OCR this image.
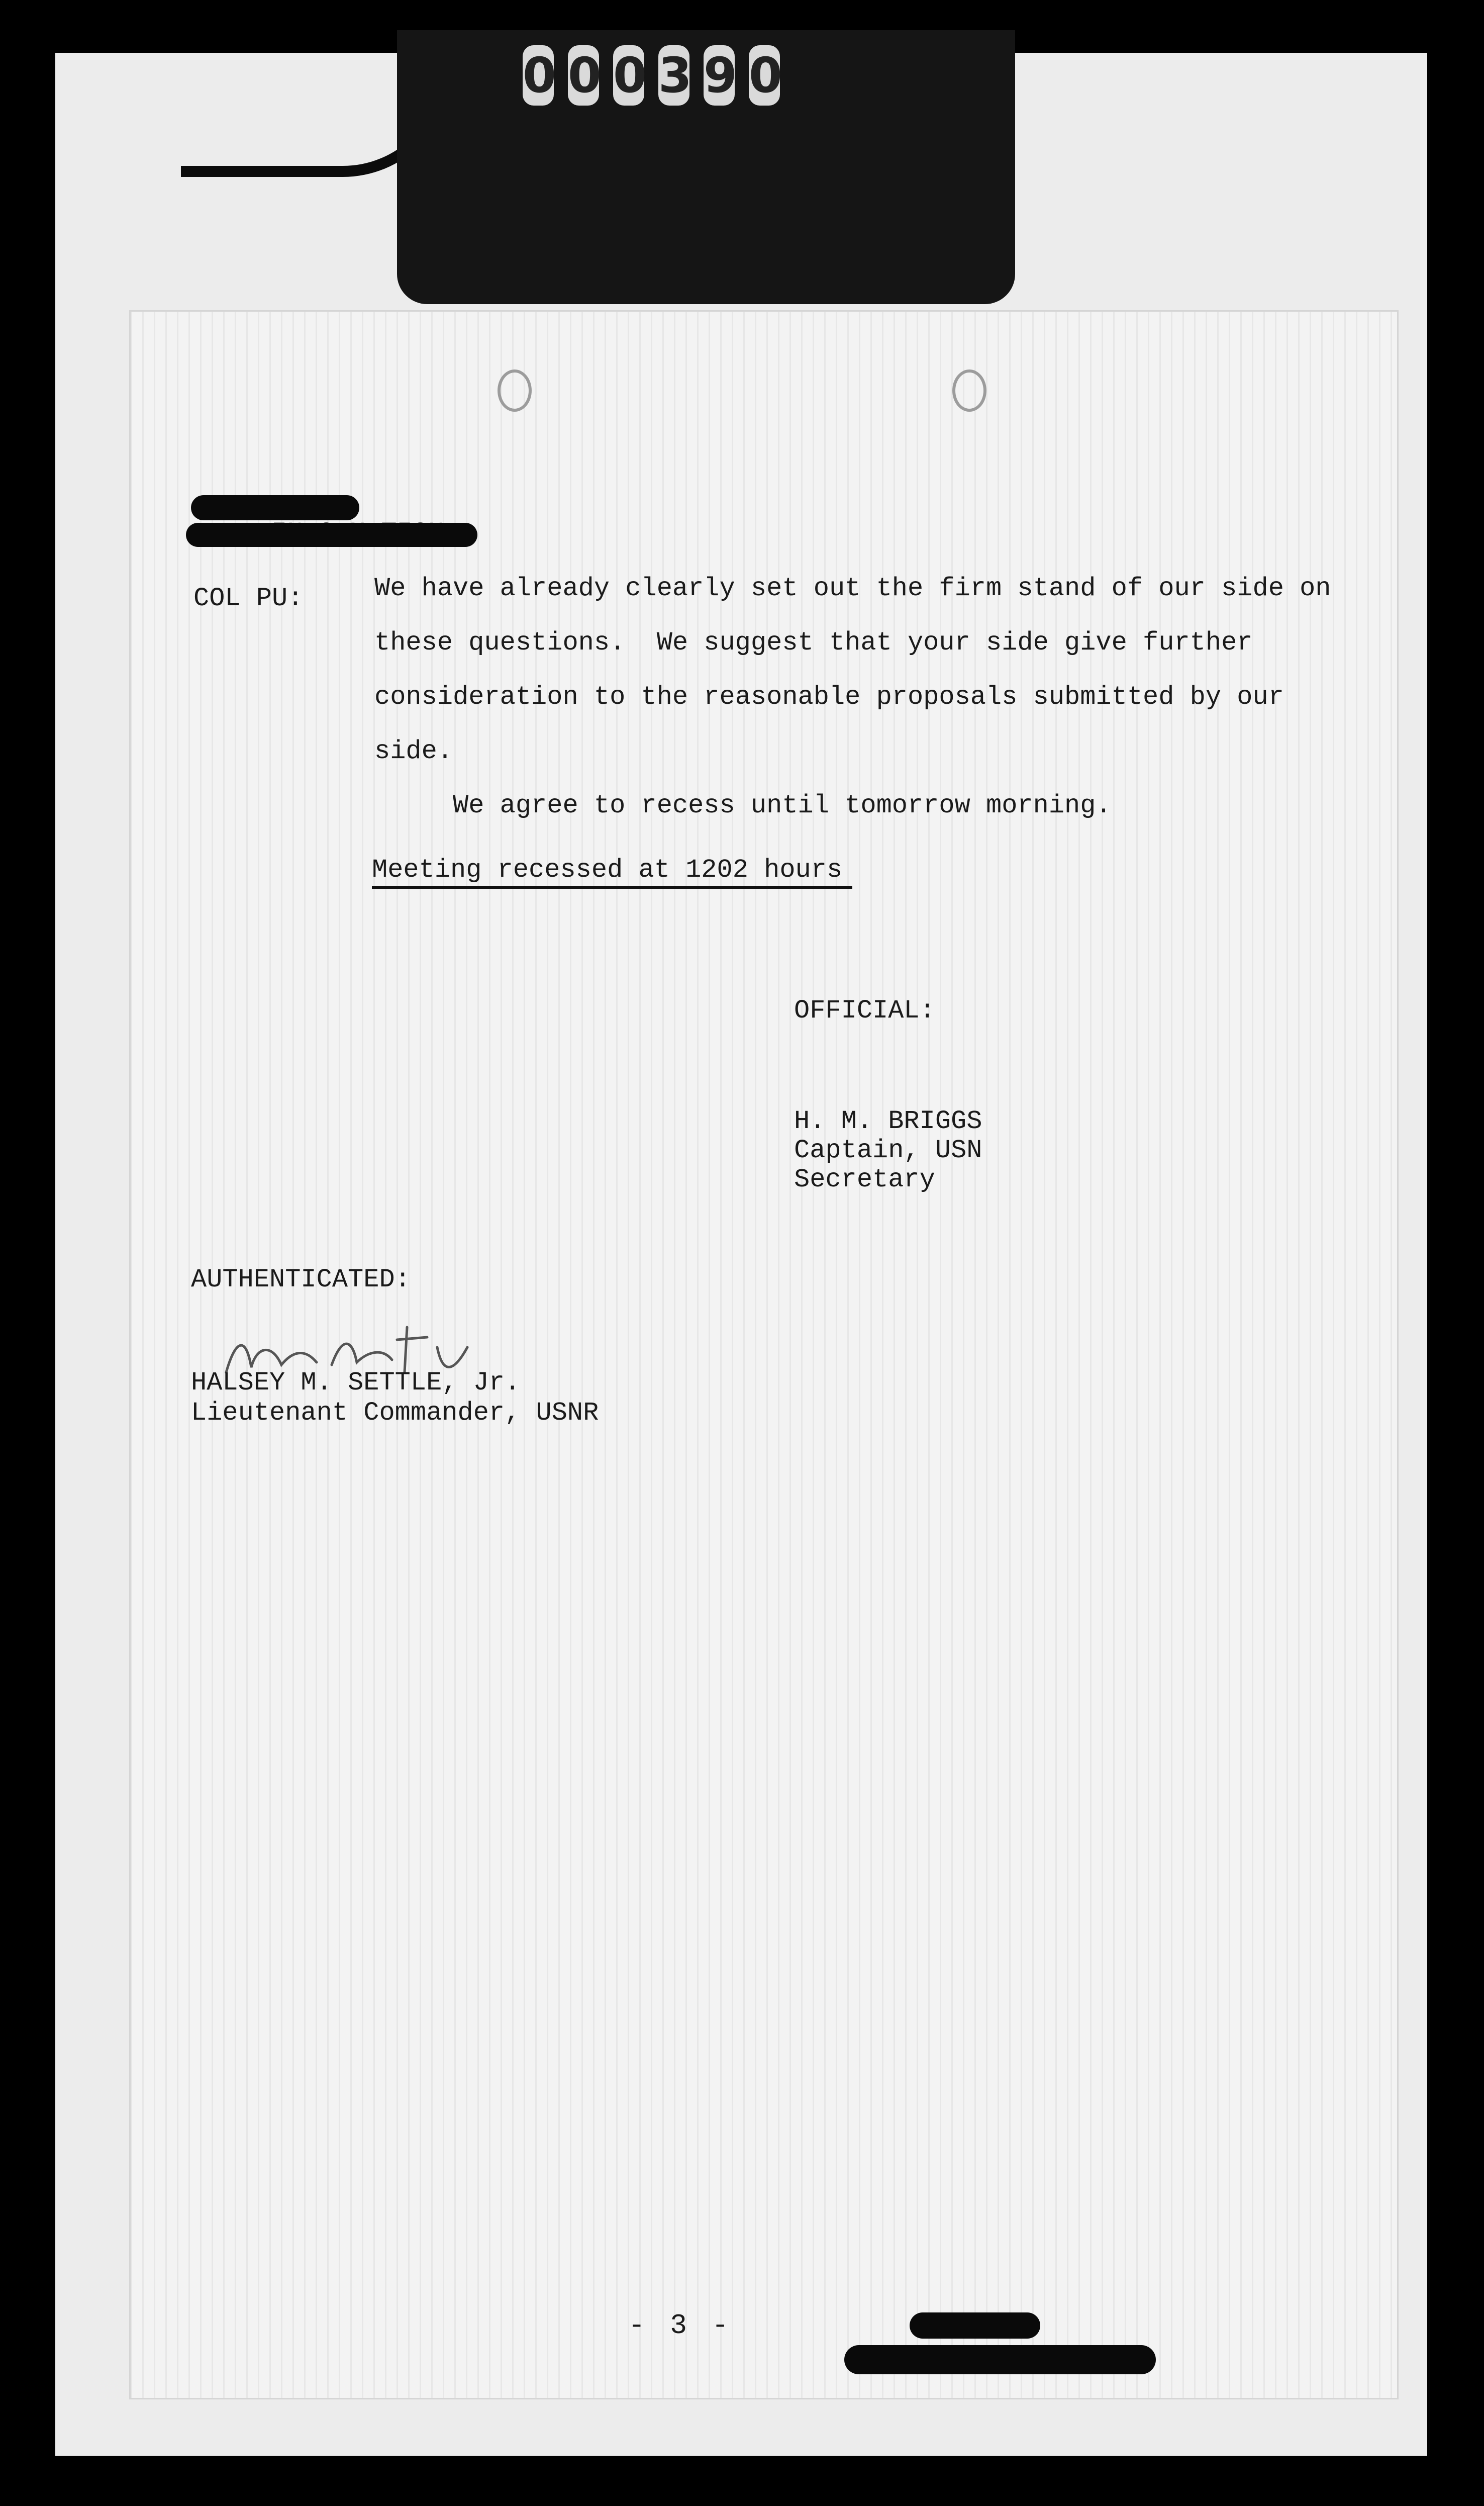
0 0 0 3 9 0
COL PU:	We have already clearly set out the firm stand of our side on
these questions.  We suggest that your side give further
consideration to the reasonable proposals submitted by our
side.
We agree to recess until tomorrow morning.
Meeting recessed at 1202 hours
OFFICIAL:
H. M. BRIGGS
Captain, USN
Secretary
AUTHENTICATED:
HALSEY M. SETTLE, Jr.
Lieutenant Commander, USNR
- 3 -
